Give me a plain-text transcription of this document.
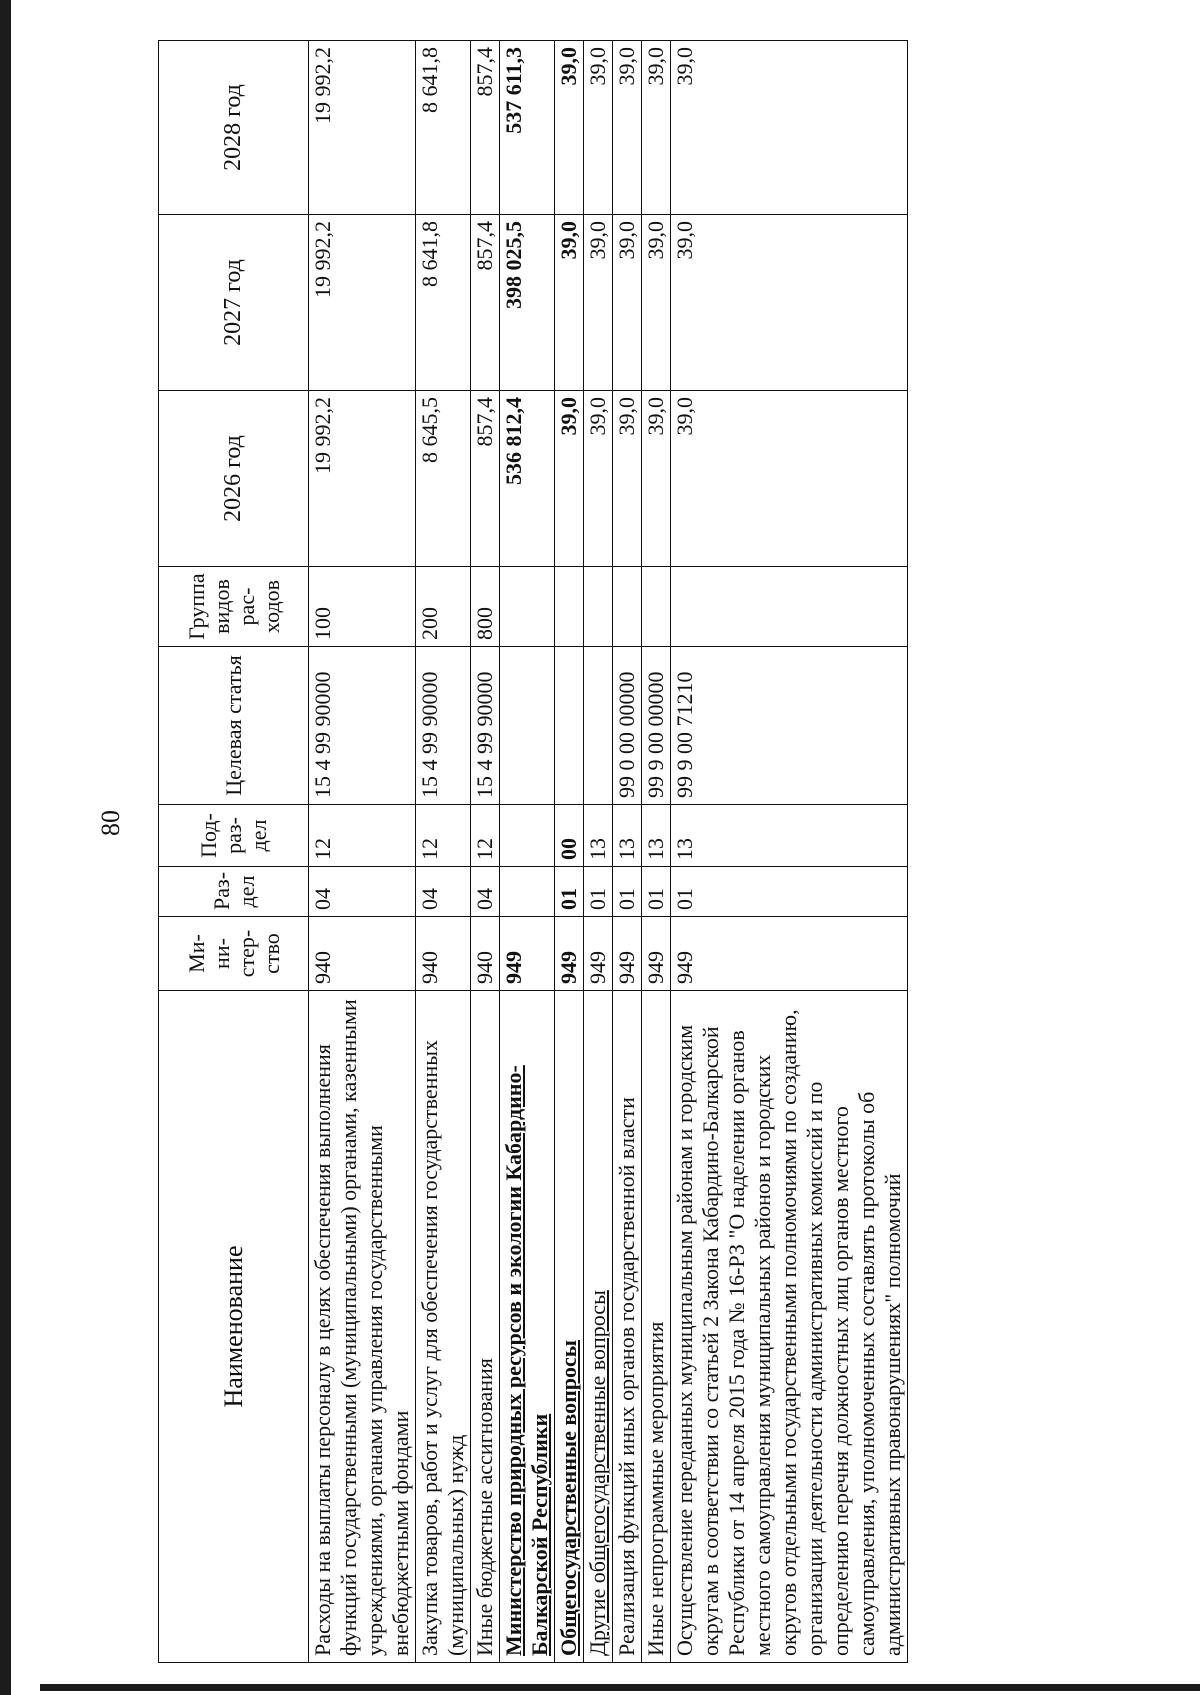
80
Наименование	Ми-ни-стер-ство	Раз-дел	Под-раз-дел	Целевая статья	Группа видов рас-ходов	2026 год	2027 год	2028 год
Расходы на выплаты персоналу в целях обеспечения выполнения функций государственными (муниципальными) органами, казенными учреждениями, органами управления государственными внебюджетными фондами	940	04	12	15 4 99 90000	100	19 992,2	19 992,2	19 992,2
Закупка товаров, работ и услуг для обеспечения государственных (муниципальных) нужд	940	04	12	15 4 99 90000	200	8 645,5	8 641,8	8 641,8
Иные бюджетные ассигнования	940	04	12	15 4 99 90000	800	857,4	857,4	857,4
Министерство природных ресурсов и экологии Кабардино-Балкарской Республики	949					536 812,4	398 025,5	537 611,3
Общегосударственные вопросы	949	01	00			39,0	39,0	39,0
Другие общегосударственные вопросы	949	01	13			39,0	39,0	39,0
Реализация функций иных органов государственной власти	949	01	13	99 0 00 00000		39,0	39,0	39,0
Иные непрограммные мероприятия	949	01	13	99 9 00 00000		39,0	39,0	39,0
Осуществление переданных муниципальным районам и городским округам в соответствии со статьей 2 Закона Кабардино-Балкарской Республики от 14 апреля 2015 года № 16-РЗ "О наделении органов местного самоуправления муниципальных районов и городских округов отдельными государственными полномочиями по созданию, организации деятельности административных комиссий и по определению перечня должностных лиц органов местного самоуправления, уполномоченных составлять протоколы об административных правонарушениях" полномочий	949	01	13	99 9 00 71210		39,0	39,0	39,0
